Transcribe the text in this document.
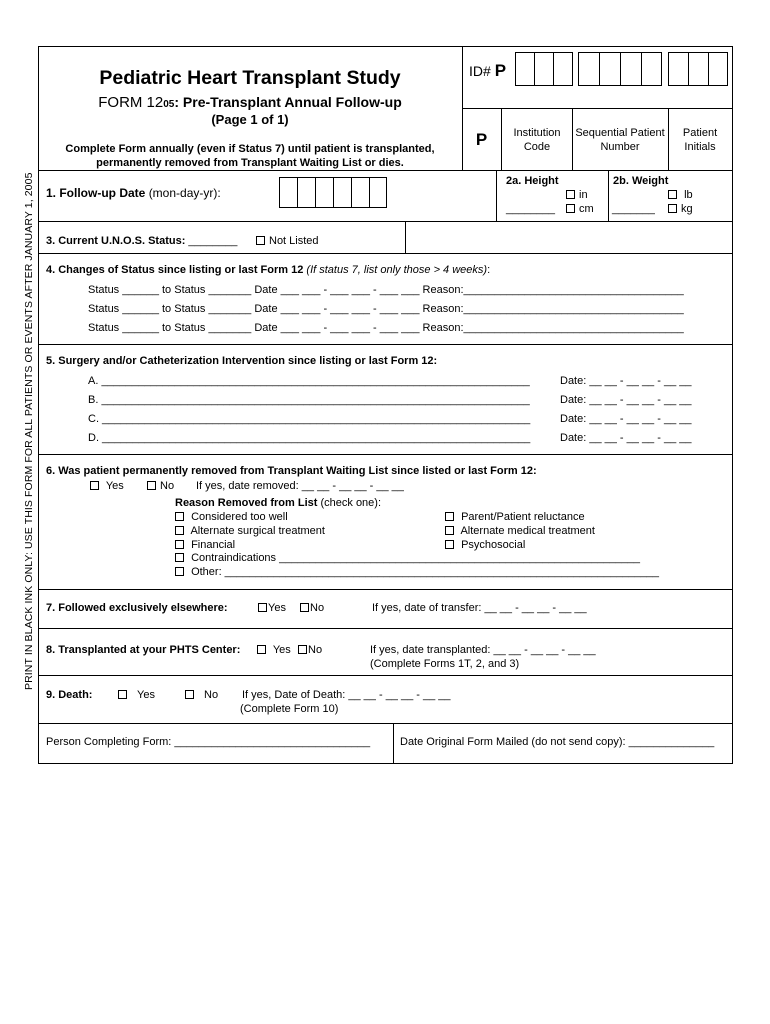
PRINT IN BLACK INK ONLY: USE THIS FORM FOR ALL PATIENTS OR EVENTS AFTER JANUARY 1, 2005
Pediatric Heart Transplant Study
FORM 1205: Pre-Transplant Annual Follow-up
(Page 1 of 1)
Complete Form annually (even if Status 7) until patient is transplanted,
permanently removed from Transplant Waiting List or dies.
ID# P
P	Institution Code
Sequential Patient Number
Patient Initials
1. Follow-up Date (mon-day-yr):
2a. Height
________
in
cm
2b. Weight
_______
lb
kg
3. Current U.N.O.S. Status: ________	Not Listed
4. Changes of Status since listing or last Form 12 (If status 7, list only those > 4 weeks):
Status ______ to Status _______ Date ___ ___ - ___ ___ - ___ ___ Reason:____________________________________
Status ______ to Status _______ Date ___ ___ - ___ ___ - ___ ___ Reason:____________________________________
Status ______ to Status _______ Date ___ ___ - ___ ___ - ___ ___ Reason:____________________________________
5. Surgery and/or Catheterization Intervention since listing or last Form 12:
A. ______________________________________________________________________	Date: __ __ - __ __ - __ __
B. ______________________________________________________________________	Date: __ __ - __ __ - __ __
C. ______________________________________________________________________	Date: __ __ - __ __ - __ __
D. ______________________________________________________________________	Date: __ __ - __ __ - __ __
6. Was patient permanently removed from Transplant Waiting List since listed or last Form 12:
Yes	No If yes, date removed: __ __ - __ __ - __ __
Reason Removed from List (check one):
Considered too well
Alternate surgical treatment
Financial
Contraindications ___________________________________________________________
Other: _______________________________________________________________________
Parent/Patient reluctance
Alternate medical treatment
Psychosocial
7. Followed exclusively elsewhere:	Yes	No	If yes, date of transfer: __ __ - __ __ - __ __
8. Transplanted at your PHTS Center:	Yes	No	If yes, date transplanted: __ __ - __ __ - __ __
(Complete Forms 1T, 2, and 3)
9. Death:	Yes	No If yes, Date of Death: __ __ - __ __ - __ __
(Complete Form 10)
Person Completing Form: ________________________________	Date Original Form Mailed (do not send copy): ______________
